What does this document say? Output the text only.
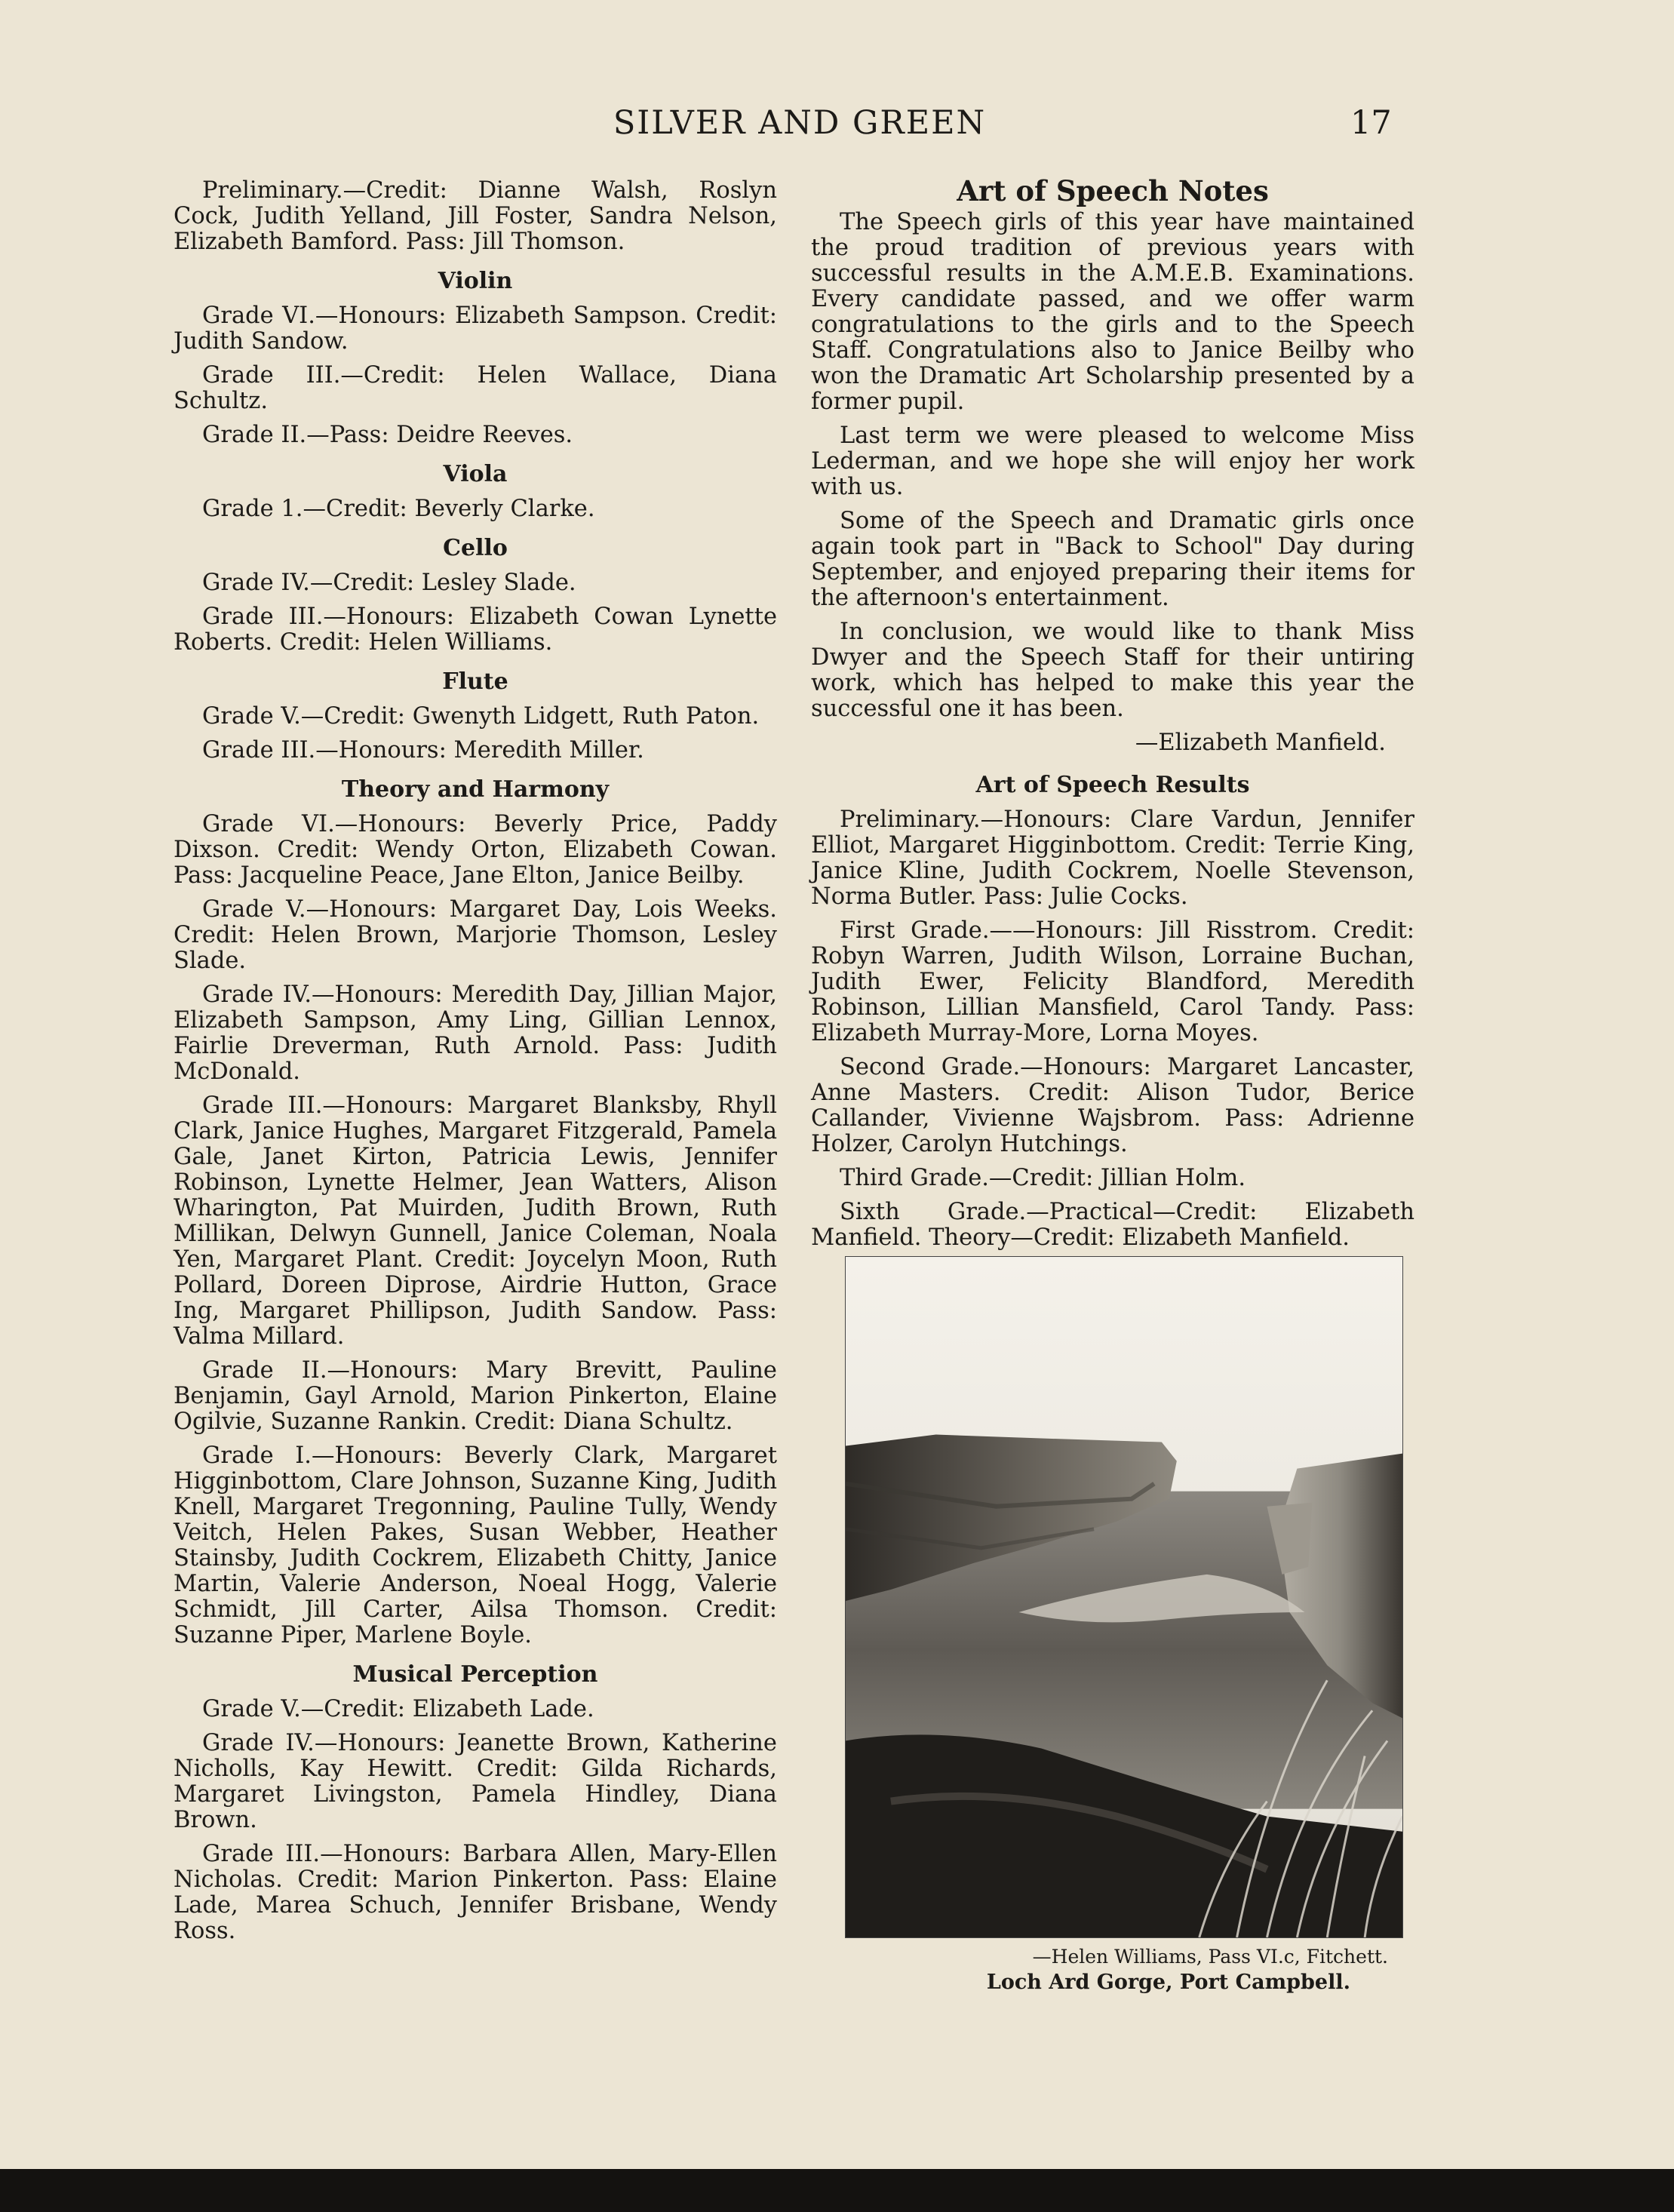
SILVER AND GREEN	17

Preliminary.—Credit: Dianne Walsh, Roslyn Cock, Judith Yelland, Jill Foster, Sandra Nelson, Elizabeth Bamford. Pass: Jill Thomson.

Violin

Grade VI.—Honours: Elizabeth Sampson. Credit: Judith Sandow.

Grade III.—Credit: Helen Wallace, Diana Schultz.

Grade II.—Pass: Deidre Reeves.

Viola

Grade 1.—Credit: Beverly Clarke.

Cello

Grade IV.—Credit: Lesley Slade.

Grade III.—Honours: Elizabeth Cowan Lynette Roberts. Credit: Helen Williams.

Flute

Grade V.—Credit: Gwenyth Lidgett, Ruth Paton.

Grade III.—Honours: Meredith Miller.

Theory and Harmony

Grade VI.—Honours: Beverly Price, Paddy Dixson. Credit: Wendy Orton, Elizabeth Cowan. Pass: Jacqueline Peace, Jane Elton, Janice Beilby.

Grade V.—Honours: Margaret Day, Lois Weeks. Credit: Helen Brown, Marjorie Thomson, Lesley Slade.

Grade IV.—Honours: Meredith Day, Jillian Major, Elizabeth Sampson, Amy Ling, Gillian Lennox, Fairlie Dreverman, Ruth Arnold. Pass: Judith McDonald.

Grade III.—Honours: Margaret Blanksby, Rhyll Clark, Janice Hughes, Margaret Fitzgerald, Pamela Gale, Janet Kirton, Patricia Lewis, Jennifer Robinson, Lynette Helmer, Jean Watters, Alison Wharington, Pat Muirden, Judith Brown, Ruth Millikan, Delwyn Gunnell, Janice Coleman, Noala Yen, Margaret Plant. Credit: Joycelyn Moon, Ruth Pollard, Doreen Diprose, Airdrie Hutton, Grace Ing, Margaret Phillipson, Judith Sandow. Pass: Valma Millard.

Grade II.—Honours: Mary Brevitt, Pauline Benjamin, Gayl Arnold, Marion Pinkerton, Elaine Ogilvie, Suzanne Rankin. Credit: Diana Schultz.

Grade I.—Honours: Beverly Clark, Margaret Higginbottom, Clare Johnson, Suzanne King, Judith Knell, Margaret Tregonning, Pauline Tully, Wendy Veitch, Helen Pakes, Susan Webber, Heather Stainsby, Judith Cockrem, Elizabeth Chitty, Janice Martin, Valerie Anderson, Noeal Hogg, Valerie Schmidt, Jill Carter, Ailsa Thomson. Credit: Suzanne Piper, Marlene Boyle.

Musical Perception

Grade V.—Credit: Elizabeth Lade.

Grade IV.—Honours: Jeanette Brown, Katherine Nicholls, Kay Hewitt. Credit: Gilda Richards, Margaret Livingston, Pamela Hindley, Diana Brown.

Grade III.—Honours: Barbara Allen, Mary-Ellen Nicholas. Credit: Marion Pinkerton. Pass: Elaine Lade, Marea Schuch, Jennifer Brisbane, Wendy Ross.

Art of Speech Notes

The Speech girls of this year have maintained the proud tradition of previous years with successful results in the A.M.E.B. Examinations. Every candidate passed, and we offer warm congratulations to the girls and to the Speech Staff. Congratulations also to Janice Beilby who won the Dramatic Art Scholarship presented by a former pupil.

Last term we were pleased to welcome Miss Lederman, and we hope she will enjoy her work with us.

Some of the Speech and Dramatic girls once again took part in "Back to School" Day during September, and enjoyed preparing their items for the afternoon's entertainment.

In conclusion, we would like to thank Miss Dwyer and the Speech Staff for their untiring work, which has helped to make this year the successful one it has been.

—Elizabeth Manfield.

Art of Speech Results

Preliminary.—Honours: Clare Vardun, Jennifer Elliot, Margaret Higginbottom. Credit: Terrie King, Janice Kline, Judith Cockrem, Noelle Stevenson, Norma Butler. Pass: Julie Cocks.

First Grade.——Honours: Jill Risstrom. Credit: Robyn Warren, Judith Wilson, Lorraine Buchan, Judith Ewer, Felicity Blandford, Meredith Robinson, Lillian Mansfield, Carol Tandy. Pass: Elizabeth Murray-More, Lorna Moyes.

Second Grade.—Honours: Margaret Lancaster, Anne Masters. Credit: Alison Tudor, Berice Callander, Vivienne Wajsbrom. Pass: Adrienne Holzer, Carolyn Hutchings.

Third Grade.—Credit: Jillian Holm.

Sixth Grade.—Practical—Credit: Elizabeth Manfield. Theory—Credit: Elizabeth Manfield.

—Helen Williams, Pass VI.c, Fitchett.
Loch Ard Gorge, Port Campbell.
